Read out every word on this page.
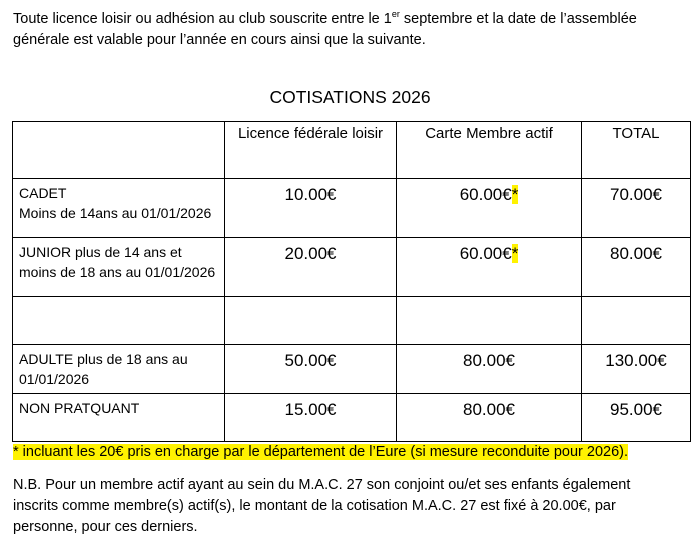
Toute licence loisir ou adhésion au club souscrite entre le 1er septembre et la date de l’assemblée générale est valable pour l’année en cours ainsi que la suivante.
COTISATIONS 2026
	Licence fédérale loisir	Carte Membre actif	TOTAL

CADET
Moins de 14ans au 01/01/2026	10.00€	60.00€*	70.00€

JUNIOR plus de 14 ans et moins de 18 ans au 01/01/2026	20.00€	60.00€*	80.00€

ADULTE plus de 18 ans au 01/01/2026	50.00€	80.00€	130.00€

NON PRATQUANT	15.00€	80.00€	95.00€
* incluant les 20€ pris en charge par le département de l’Eure (si mesure reconduite pour 2026).
N.B. Pour un membre actif ayant au sein du M.A.C. 27 son conjoint ou/et ses enfants également inscrits comme membre(s) actif(s), le montant de la cotisation M.A.C. 27 est fixé à 20.00€, par personne, pour ces derniers.
